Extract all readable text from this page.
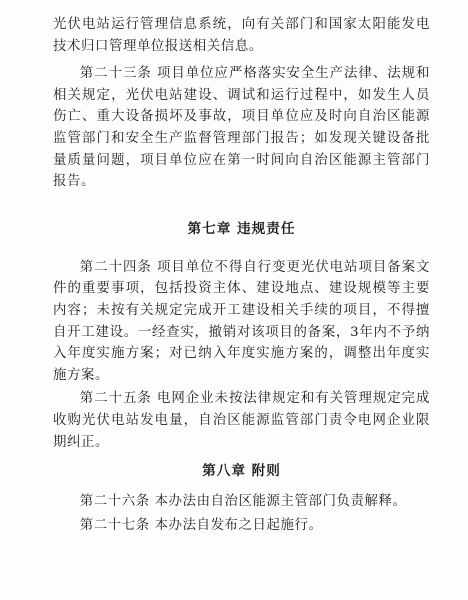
光伏电站运行管理信息系统，向有关部门和国家太阳能发电技术归口管理单位报送相关信息。

第二十三条 项目单位应严格落实安全生产法律、法规和相关规定，光伏电站建设、调试和运行过程中，如发生人员伤亡、重大设备损坏及事故，项目单位应及时向自治区能源监管部门和安全生产监督管理部门报告；如发现关键设备批量质量问题，项目单位应在第一时间向自治区能源主管部门报告。

第七章 违规责任

第二十四条 项目单位不得自行变更光伏电站项目备案文件的重要事项，包括投资主体、建设地点、建设规模等主要内容；未按有关规定完成开工建设相关手续的项目，不得擅自开工建设。一经查实，撤销对该项目的备案，3年内不予纳入年度实施方案；对已纳入年度实施方案的，调整出年度实施方案。

第二十五条 电网企业未按法律规定和有关管理规定完成收购光伏电站发电量，自治区能源监管部门责令电网企业限期纠正。

第八章 附则

第二十六条 本办法由自治区能源主管部门负责解释。

第二十七条 本办法自发布之日起施行。
